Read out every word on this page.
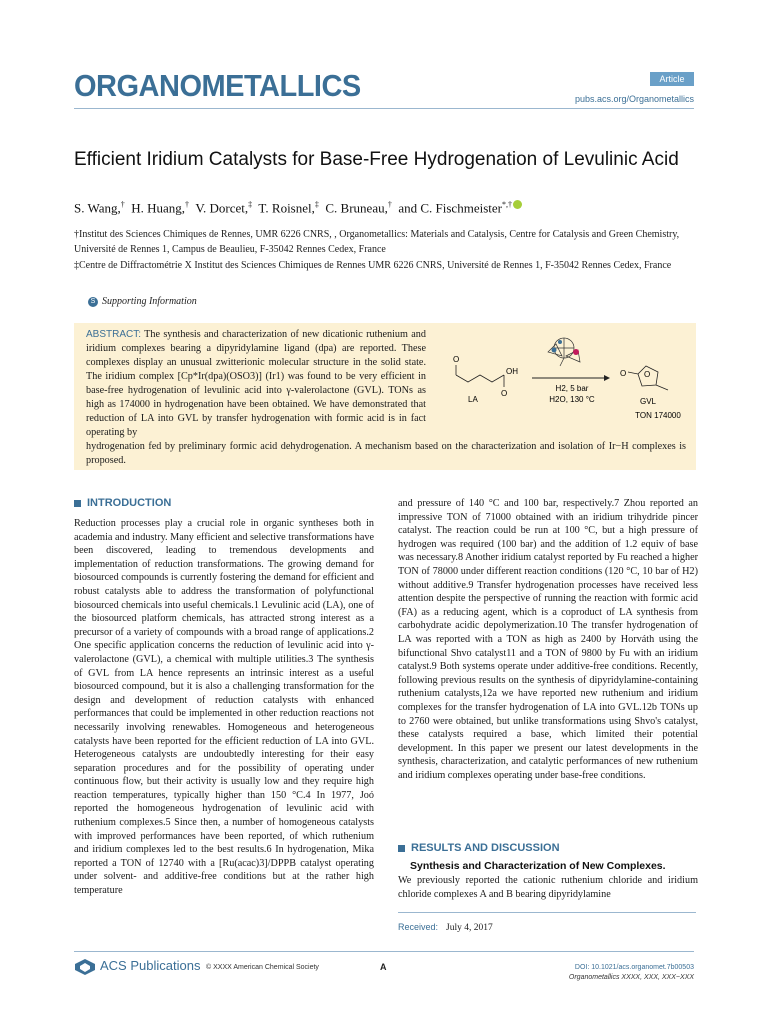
ORGANOMETALLICS	Article
pubs.acs.org/Organometallics
Efficient Iridium Catalysts for Base-Free Hydrogenation of Levulinic Acid
S. Wang,† H. Huang,† V. Dorcet,‡ T. Roisnel,‡ C. Bruneau,† and C. Fischmeister*,†
†Institut des Sciences Chimiques de Rennes, UMR 6226 CNRS, , Organometallics: Materials and Catalysis, Centre for Catalysis and Green Chemistry, Université de Rennes 1, Campus de Beaulieu, F-35042 Rennes Cedex, France
‡Centre de Diffractométrie X Institut des Sciences Chimiques de Rennes UMR 6226 CNRS, Université de Rennes 1, F-35042 Rennes Cedex, France
S Supporting Information
ABSTRACT: The synthesis and characterization of new dicationic ruthenium and iridium complexes bearing a dipyridylamine ligand (dpa) are reported. These complexes display an unusual zwitterionic molecular structure in the solid state. The iridium complex [Cp*Ir(dpa)(OSO3)] (Ir1) was found to be very efficient in base-free hydrogenation of levulinic acid into γ-valerolactone (GVL). TONs as high as 174000 in hydrogenation have been obtained. We have demonstrated that reduction of LA into GVL by transfer hydrogenation with formic acid is in fact operating by
hydrogenation fed by preliminary formic acid dehydrogenation. A mechanism based on the characterization and isolation of Ir−H complexes is proposed.
O
OH
O
LA
H2, 5 bar
H2O, 130 °C
O O
GVL
TON 174000
INTRODUCTION
Reduction processes play a crucial role in organic syntheses both in academia and industry. Many efficient and selective transformations have been discovered, leading to tremendous developments and implementation of reduction transformations. The growing demand for biosourced compounds is currently fostering the demand for efficient and robust catalysts able to address the transformation of polyfunctional biosourced chemicals into useful chemicals.1 Levulinic acid (LA), one of the biosourced platform chemicals, has attracted strong interest as a precursor of a variety of compounds with a broad range of applications.2 One specific application concerns the reduction of levulinic acid into γ-valerolactone (GVL), a chemical with multiple utilities.3 The synthesis of GVL from LA hence represents an intrinsic interest as a useful biosourced compound, but it is also a challenging transformation for the design and development of reduction catalysts with enhanced performances that could be implemented in other reduction reactions not necessarily involving renewables. Homogeneous and heterogeneous catalysts have been reported for the efficient reduction of LA into GVL. Heterogeneous catalysts are undoubtedly interesting for their easy separation procedures and for the possibility of operating under continuous flow, but their activity is usually low and they require high reaction temperatures, typically higher than 150 °C.4 In 1977, Joó reported the homogeneous hydrogenation of levulinic acid with ruthenium complexes.5 Since then, a number of homogeneous catalysts with improved performances have been reported, of which ruthenium and iridium complexes led to the best results.6 In hydrogenation, Mika reported a TON of 12740 with a [Ru(acac)3]/DPPB catalyst operating under solvent- and additive-free conditions but at the rather high temperature
and pressure of 140 °C and 100 bar, respectively.7 Zhou reported an impressive TON of 71000 obtained with an iridium trihydride pincer catalyst. The reaction could be run at 100 °C, but a high pressure of hydrogen was required (100 bar) and the addition of 1.2 equiv of base was necessary.8 Another iridium catalyst reported by Fu reached a higher TON of 78000 under different reaction conditions (120 °C, 10 bar of H2) without additive.9 Transfer hydrogenation processes have received less attention despite the perspective of running the reaction with formic acid (FA) as a reducing agent, which is a coproduct of LA synthesis from carbohydrate acidic depolymerization.10 The transfer hydrogenation of LA was reported with a TON as high as 2400 by Horváth using the bifunctional Shvo catalyst11 and a TON of 9800 by Fu with an iridium catalyst.9 Both systems operate under additive-free conditions. Recently, following previous results on the synthesis of dipyridylamine-containing ruthenium catalysts,12a we have reported new ruthenium and iridium complexes for the transfer hydrogenation of LA into GVL.12b TONs up to 2760 were obtained, but unlike transformations using Shvo's catalyst, these catalysts required a base, which limited their potential development. In this paper we present our latest developments in the synthesis, characterization, and catalytic performances of new ruthenium and iridium complexes operating under base-free conditions.
RESULTS AND DISCUSSION
Synthesis and Characterization of New Complexes.
We previously reported the cationic ruthenium chloride and iridium chloride complexes A and B bearing dipyridylamine
Received: July 4, 2017
ACS Publications © XXXX American Chemical Society	A	DOI: 10.1021/acs.organomet.7b00503
Organometallics XXXX, XXX, XXX−XXX
